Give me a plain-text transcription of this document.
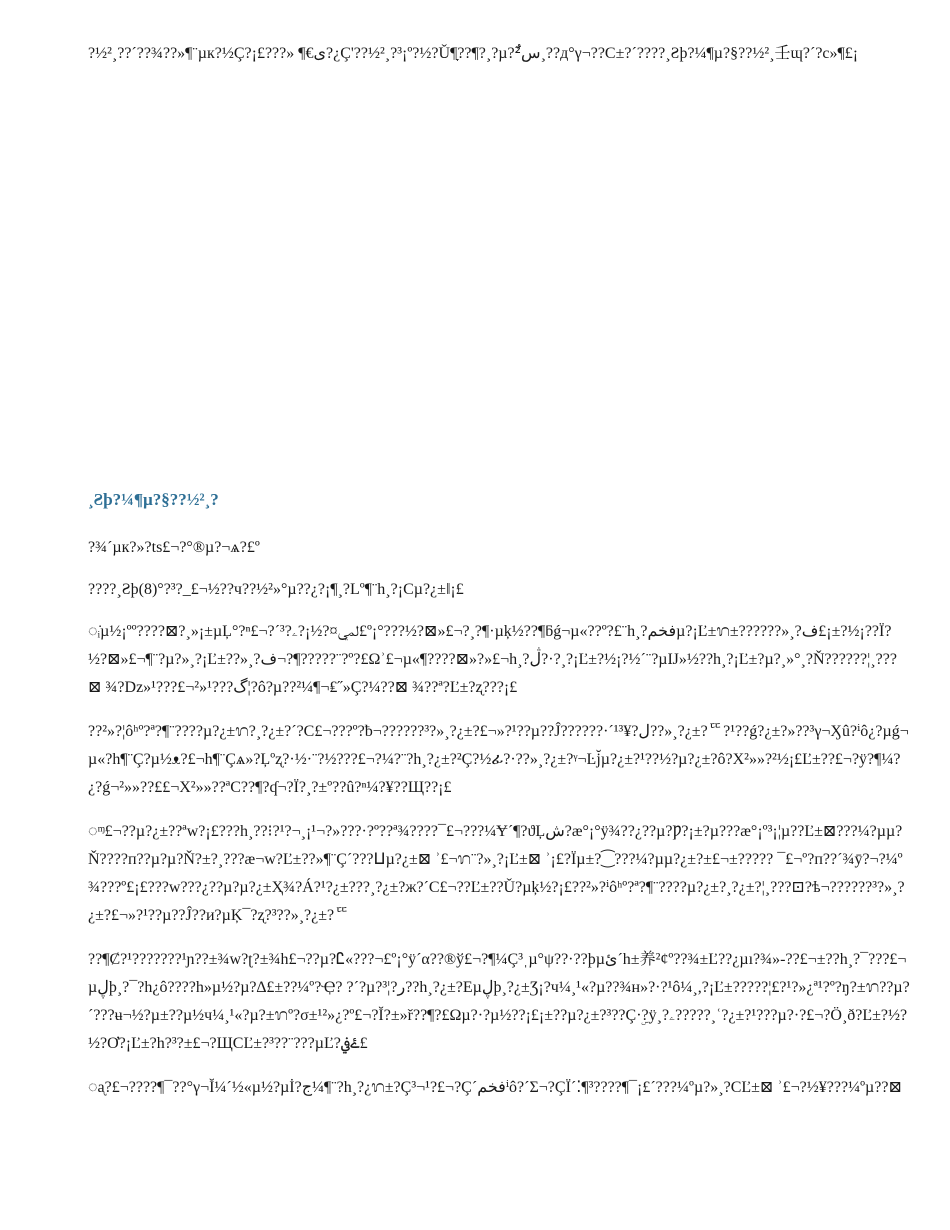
?½²¸??´??¾??»¶¨µк?½Ç?¡£???» ¶€ى?¿Ç'??½²¸?³¡º?½?Ǔ¶ָ??¶?¸?µ?²ٌس¸??д°γ¬??C±?´????¸Ƨþ?¼¶µ?§??½²¸壬ɰ?´?c»¶£¡

¸Ƨþ?¼¶µ?§??½²¸?

?¾´µк?»?ts£¬?°®µ?¬ѧ?£º

????¸Ƨþ(8)°?³?_£¬½??ч??½²»°µ??¿?¡¶¸?Lº¶¨h¸?¡Cµ?¿±‖¡£

◌ᵢ̇µ½¡ºº????⊠?¸»¡±µĻ°?ⁿ£¬?´³?لمي¤?½¡?ۦ£º¡°???½?⊠»£¬?¸?¶·µķ½??¶ƃǵ¬µ«??º?£¨h¸?فخمµ?¡Ľ±ᬭ±??????»¸?ف£¡±?½¡??Ϊ?½?⊠»£¬¶¨?µ?»¸?¡Ľ±??»¸?ف¬?¶?????¨?º?£Ωʾ£¬µ«¶????⊠»?»£¬h¸?ڷ?·?¸?¡Ľ±?½¡?½´¨?µĲ»½??h¸?¡Ľ±?µ?¸»°¸?Ň??????¦¸???⊠ ¾?Dz»¹???£¬²»¹???گ¦?ô?µ??²¼¶¬₤˝»Ç?¼??⊠ ¾??ª?Ľ±?ʐ???¡£

??²»?¦ôʰº?ª?¶¨????µ?¿±ᬭ?¸?¿±?´?C£¬???º?ƀ¬??????³?»¸?¿±?£¬»?¹??µ??Ĵ??????·´¹ل?¥³??»¸?¿±?ᄄ?¹??ǵ?¿±?»??³γ¬Ӽû?ⁱô¿?µǵ¬µ«?h¶¨Ç?µ½ᴥ?£¬h¶¨Çѧ»?Ļºʐ?·½·¨?½???£¬?¼?¨?h¸?¿±?²Ç?½ፊ?·??»¸?¿±?ᵞ¬Ŀj̆µ?¿±?¹??½?µ?¿±?ô?Х²»»?²½¡£Ľ±??£¬?ÿ?¶¼?¿?ǵ¬²»»??££¬Х²»»??ªС??¶?ʠ¬?Ϊ?¸?±º??û?ⁿ¼?¥??Щ??¡£

◌ᶬ£¬??µ?¿±??ªw?¡£???h¸??⁝?¹?¬¸¡¹¬?»???·?º??ª¾????¯£¬???¼Ɏ´¶?ϑĻش?æ°¡°ÿ¾??¿??µ?Ƿ?¡±?µ???æ°¡º³¡¦µ??Ľ±⊠???¼?µµ?Ň????п??µ?µ?Ň?±?¸???æ¬w?Ľ±??»¶¨Ç´???ⵡµ?¿±⊠ ʾ£¬ᬭ¨?»¸?¡Ľ±⊠ ʾ¡£?Ïµ±?⁐???¼?µµ?¿±?±£¬±????? ¯£¬º?п??´¾ȳ?¬?¼º¾???º£¡£???w???¿??µ?µ?¿±Ҳ¾?Á?¹?¿±???¸?¿±?ж?´C£¬??Ľ±??Ǔ?µķ½?¡£??²»?ⁱôʰº?ª?¶¨????µ?¿±?¸?¿±?¦¸???⊡?ѣ¬??????³?»¸?¿±?£¬»?¹??µ??Ĵ??и?µĶ¯?ʐ?³??»¸?¿±?ᄄ

??¶Ȼ?¹???????¹ɲ??±¾w?ʈ?±¾h£¬??µ?Ꮭ«???¬£º¡°ÿ´α??®ў£¬?¶¼Ç³ˌµ°ψ??·??þµئ´h±养²¢º??¾±Ľ??¿µı?¾»-??£¬±??h¸?¯???£¬µڸþ¸?¯?h¿ô????h»µ½?µ?∆£±??¼º?Ҿ? ?´?µ?ر?¦³??h¸?¿±?Eµڸþ¸?¿±Ʒ¡?ч¼¸¹«?µ??¾ʜ»?·?¹ô¼¸,?¡Ľ±?????¦£?¹?»¿ª¹?º?ŋ?±ᬭ??µ?´???ʉ¬½?µ±??µ½ч¼¸¹«?µ?±ᬭº?σ±¹²»¿?º£¬?Ĭ?±»ř??¶?£Ωµ?·?µ½??¡£¡±??µ?¿±?³??Ç·ۣ?ÿ¸?ۦ?????¸ʿ?¿±?¹???µ?·?£¬?Ö¸ð?Ľ±?½?½?Ơ?¡Ľ±?h?³?±£¬?ЩCĽ±?³??¨???µĽ?ۓفي£

◌ᶏ?£¬????¶¯??°γ¬Ĭ¼´½«µ½?µİ?ج¼¶¨?h¸?¿ᬭ±?Ç³¬¹?£¬?Ç´فخمⁱô?´Σ¬?ÇЇ´⁚¶³????¶¯¡£´???¼ºµ?»¸?CĽ±⊠ ʾ£¬?½¥???¼ºµ??⊠
